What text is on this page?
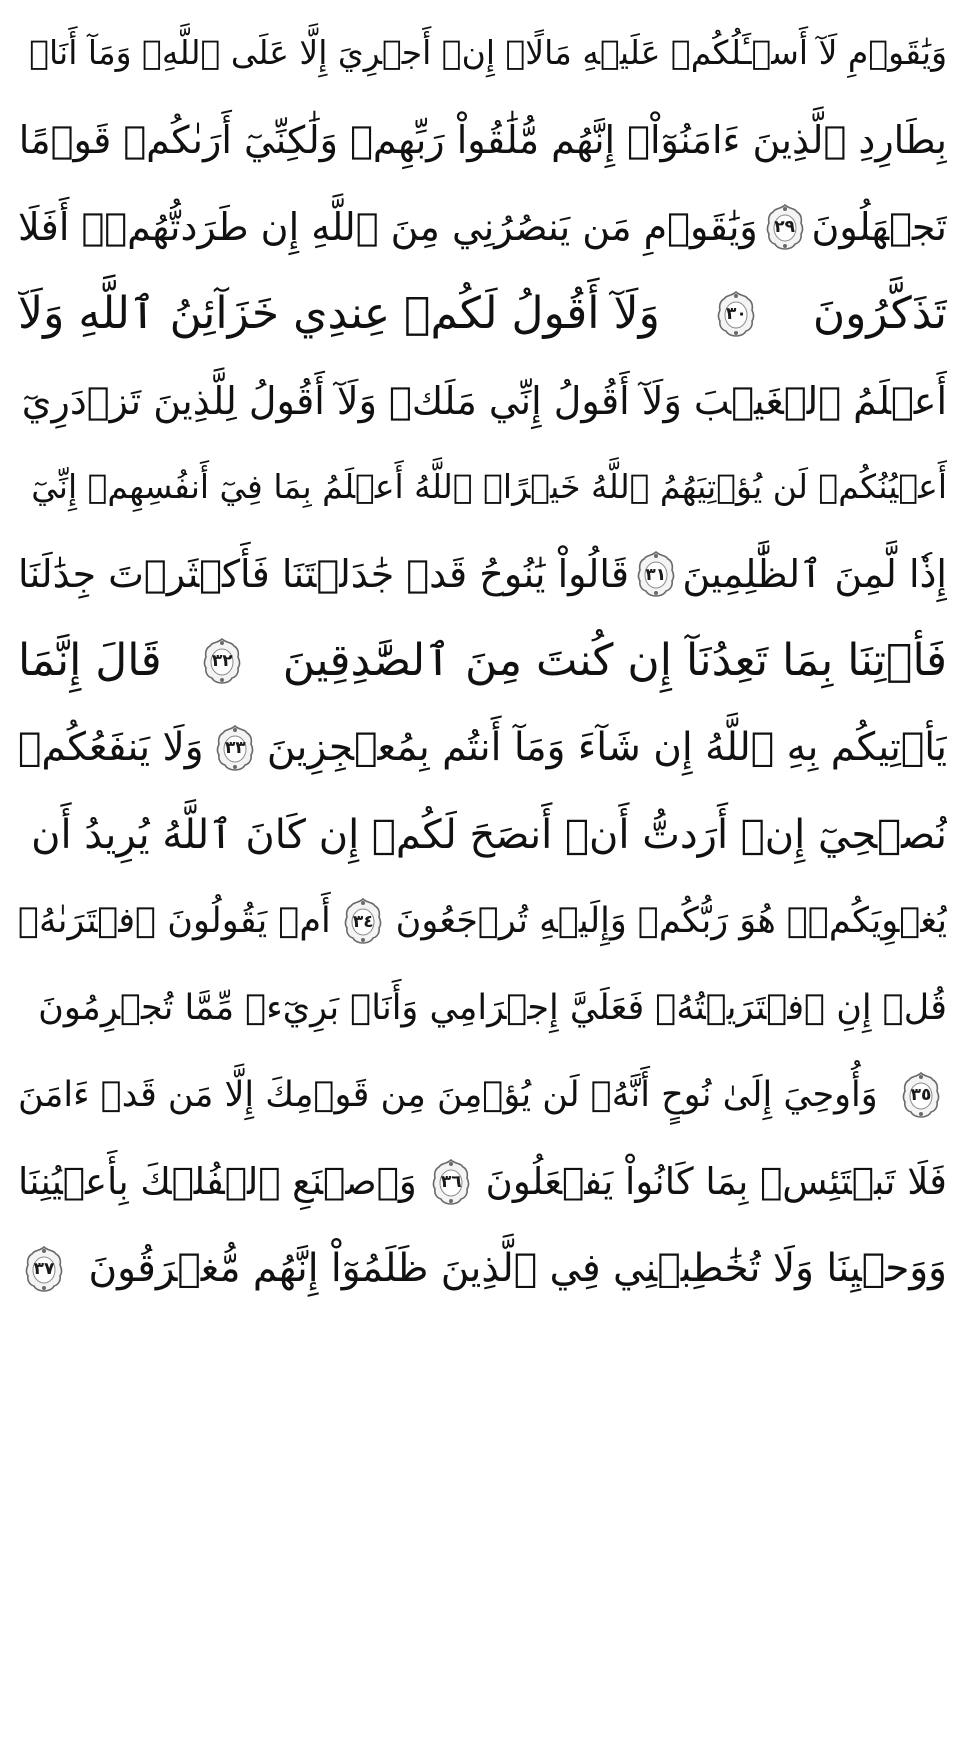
وَيَٰقَوۡمِ لَآ أَسۡـَٔلُكُمۡ عَلَيۡهِ مَالًاۖ إِنۡ أَجۡرِيَ إِلَّا عَلَى ٱللَّهِۚ وَمَآ أَنَا۠
بِطَارِدِ ٱلَّذِينَ ءَامَنُوٓاْۚ إِنَّهُم مُّلَٰقُواْ رَبِّهِمۡ وَلَٰكِنِّيٓ أَرَىٰكُمۡ قَوۡمًا
تَجۡهَلُونَ
٢٩
وَيَٰقَوۡمِ مَن يَنصُرُنِي مِنَ ٱللَّهِ إِن طَرَدتُّهُمۡۚ أَفَلَا
تَذَكَّرُونَ
٣٠
وَلَآ أَقُولُ لَكُمۡ عِندِي خَزَآئِنُ ٱللَّهِ وَلَآ
أَعۡلَمُ ٱلۡغَيۡبَ وَلَآ أَقُولُ إِنِّي مَلَكٞ وَلَآ أَقُولُ لِلَّذِينَ تَزۡدَرِيٓ
أَعۡيُنُكُمۡ لَن يُؤۡتِيَهُمُ ٱللَّهُ خَيۡرًاۖ ٱللَّهُ أَعۡلَمُ بِمَا فِيٓ أَنفُسِهِمۡ إِنِّيٓ
إِذٗا لَّمِنَ ٱلظَّٰلِمِينَ
٣١
قَالُواْ يَٰنُوحُ قَدۡ جَٰدَلۡتَنَا فَأَكۡثَرۡتَ جِدَٰلَنَا
فَأۡتِنَا بِمَا تَعِدُنَآ إِن كُنتَ مِنَ ٱلصَّٰدِقِينَ
٣٢
قَالَ إِنَّمَا
يَأۡتِيكُم بِهِ ٱللَّهُ إِن شَآءَ وَمَآ أَنتُم بِمُعۡجِزِينَ
٣٣
وَلَا يَنفَعُكُمۡ
نُصۡحِيٓ إِنۡ أَرَدتُّ أَنۡ أَنصَحَ لَكُمۡ إِن كَانَ ٱللَّهُ يُرِيدُ أَن
يُغۡوِيَكُمۡۚ هُوَ رَبُّكُمۡ وَإِلَيۡهِ تُرۡجَعُونَ
٣٤
أَمۡ يَقُولُونَ ٱفۡتَرَىٰهُۖ
قُلۡ إِنِ ٱفۡتَرَيۡتُهُۥ فَعَلَيَّ إِجۡرَامِي وَأَنَا۠ بَرِيٓءٞ مِّمَّا تُجۡرِمُونَ
٣٥
وَأُوحِيَ إِلَىٰ نُوحٍ أَنَّهُۥ لَن يُؤۡمِنَ مِن قَوۡمِكَ إِلَّا مَن قَدۡ ءَامَنَ
فَلَا تَبۡتَئِسۡ بِمَا كَانُواْ يَفۡعَلُونَ
٣٦
وَٱصۡنَعِ ٱلۡفُلۡكَ بِأَعۡيُنِنَا
وَوَحۡيِنَا وَلَا تُخَٰطِبۡنِي فِي ٱلَّذِينَ ظَلَمُوٓاْ إِنَّهُم مُّغۡرَقُونَ
٣٧
